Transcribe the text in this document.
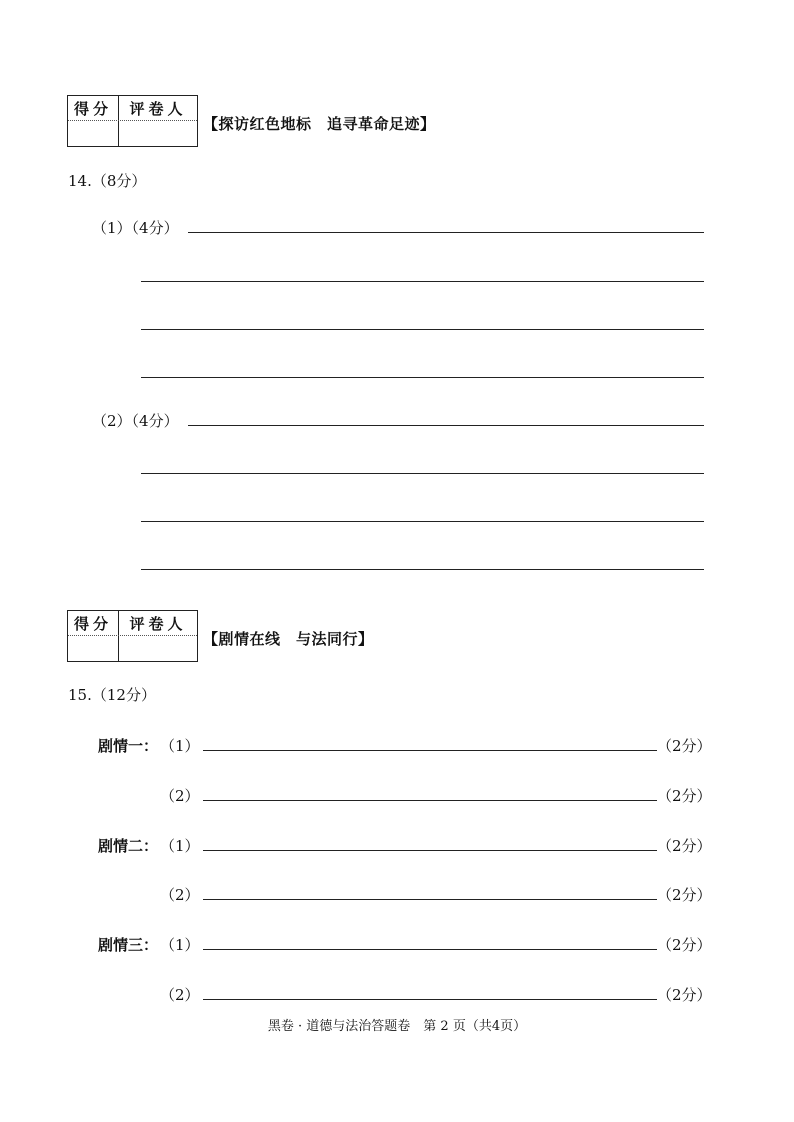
得分	评卷人
【探访红色地标　追寻革命足迹】
14.（8分）
（1）（4分）
（2）（4分）
得分	评卷人
【剧情在线　与法同行】
15.（12分）
剧情一： （1）	（2分）
（2）	（2分）
剧情二： （1）	（2分）
（2）	（2分）
剧情三： （1）	（2分）
（2）	（2分）
黑卷 · 道德与法治答题卷　第 2 页（共4页）
